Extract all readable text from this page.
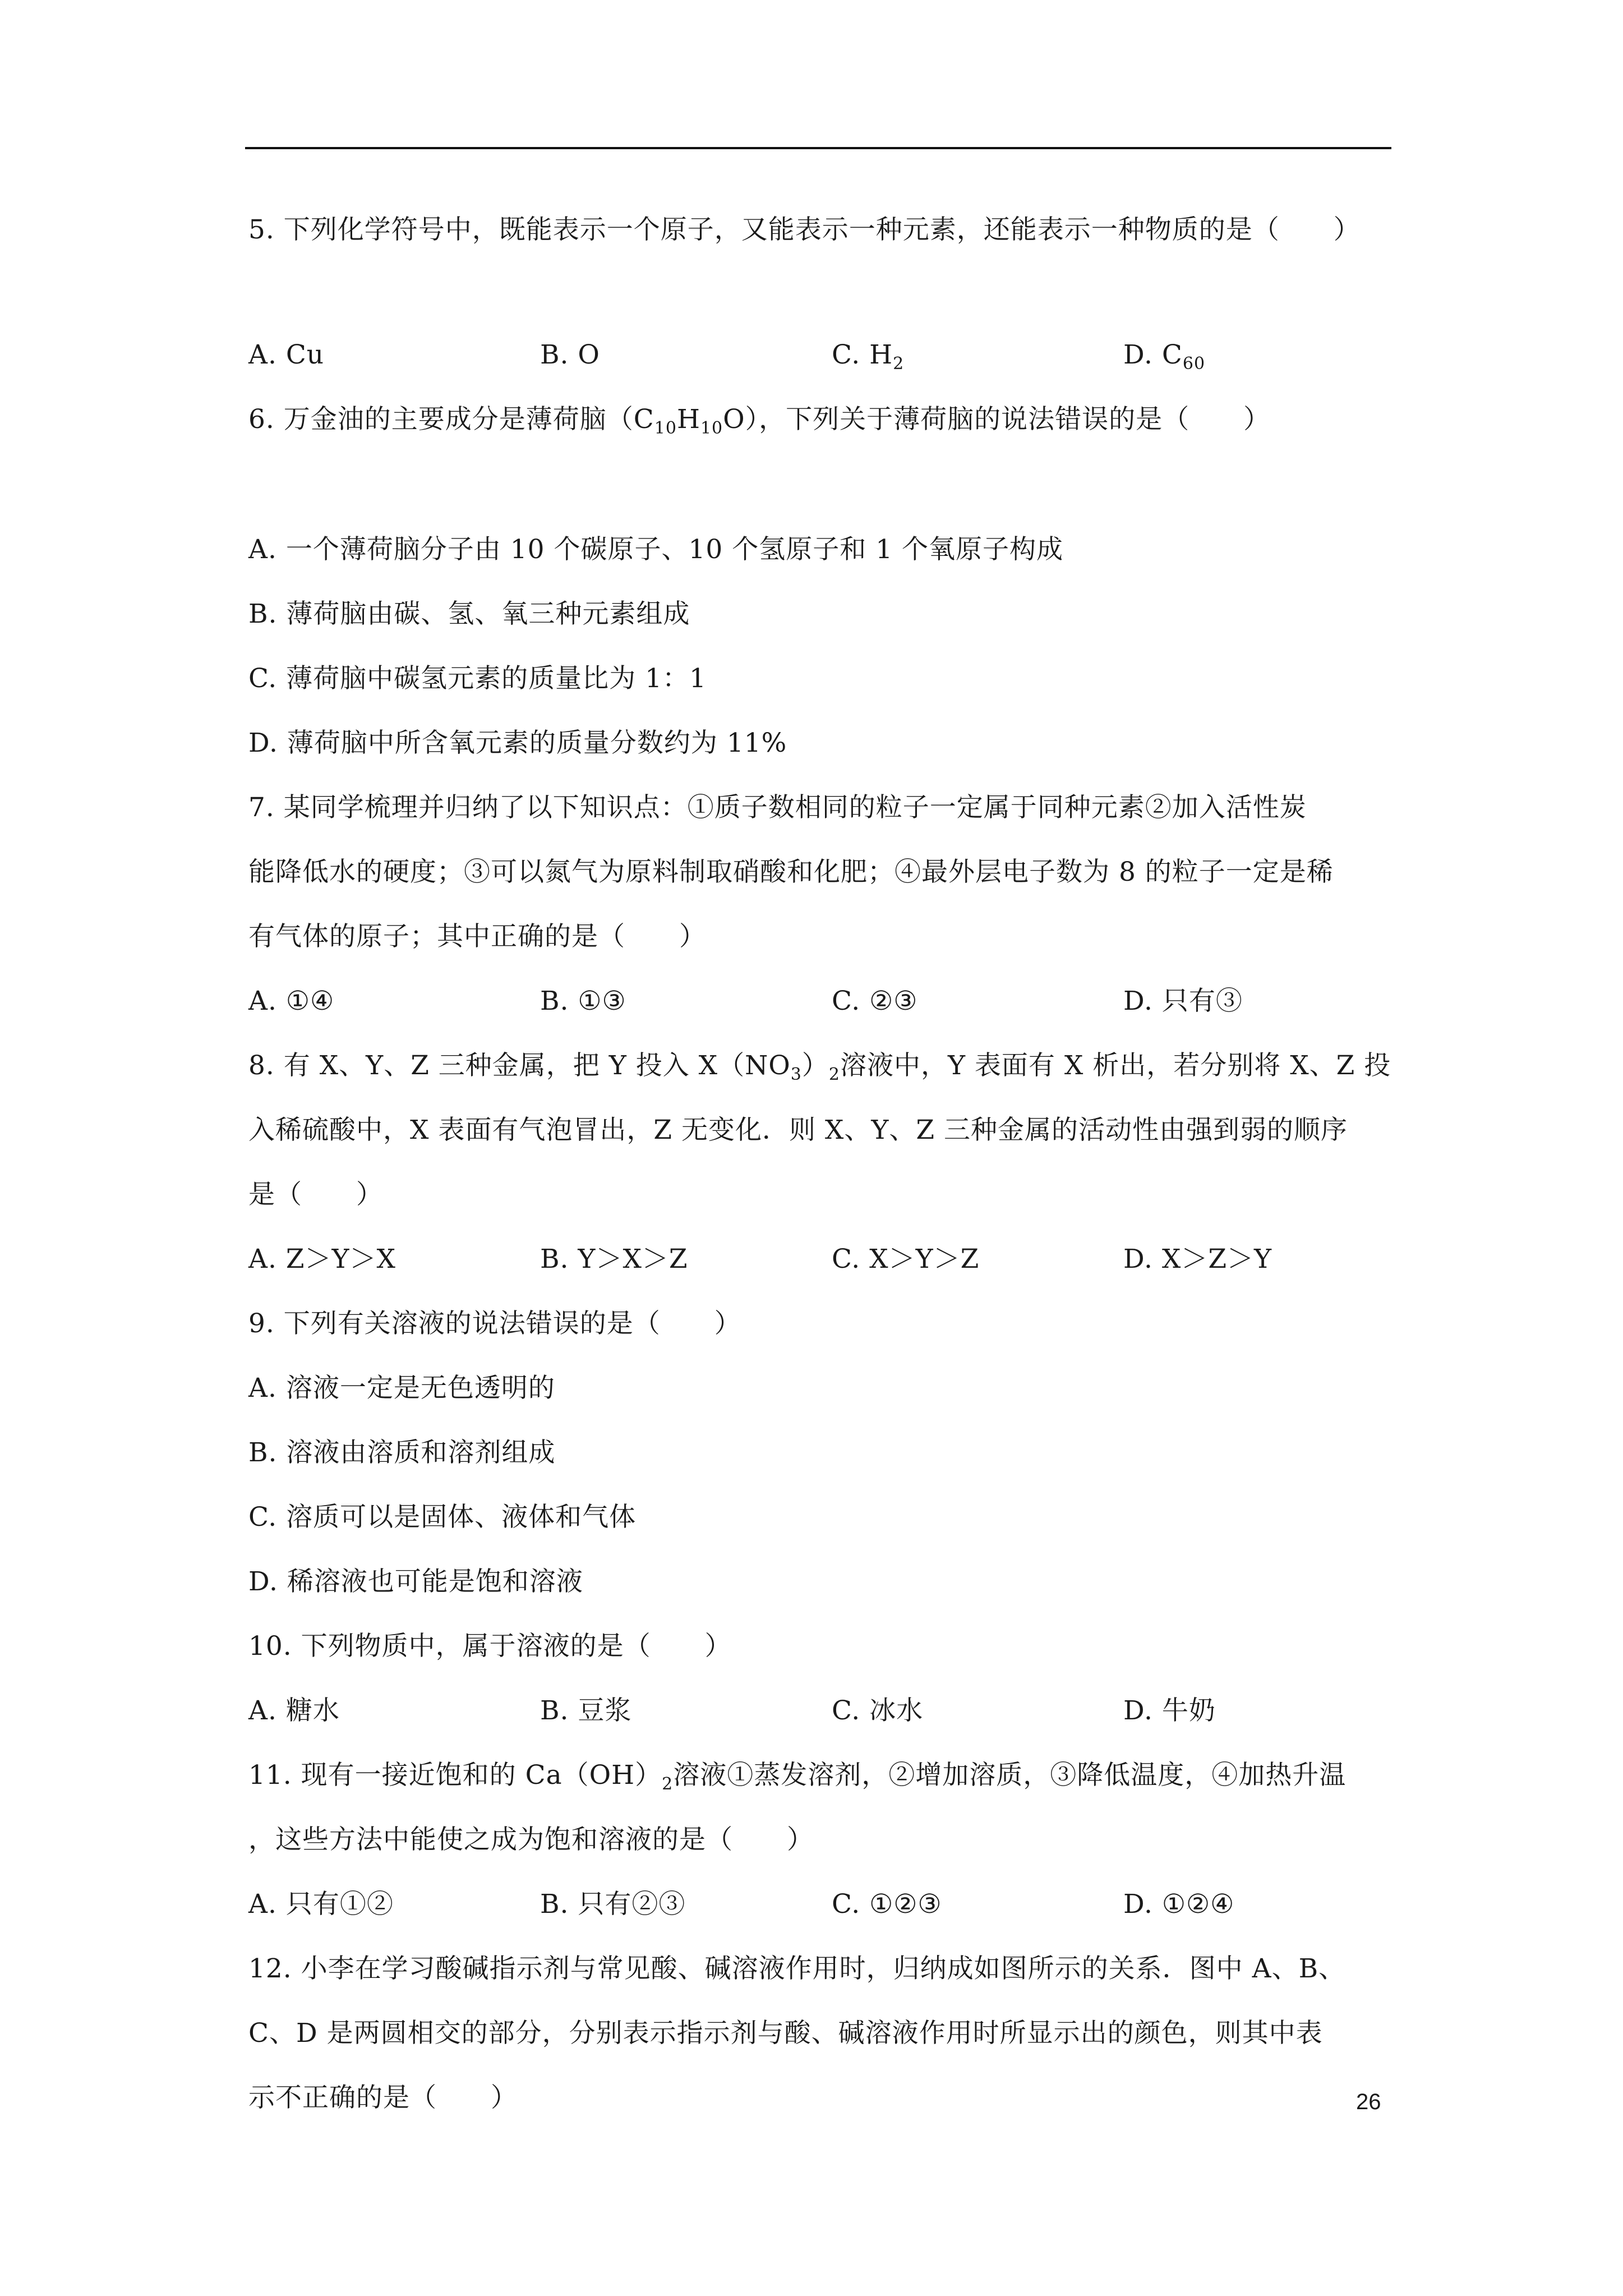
5. 下列化学符号中，既能表示一个原子，又能表示一种元素，还能表示一种物质的是（　　）
A. Cu	B. O	C. $H_2$	D. $C_{60}$
6. 万金油的主要成分是薄荷脑$(C_{10}H_{10}O)$，下列关于薄荷脑的说法错误的是（　　）
A. 一个薄荷脑分子由 10 个碳原子、10 个氢原子和 1 个氧原子构成
B. 薄荷脑由碳、氢、氧三种元素组成
C. 薄荷脑中碳氢元素的质量比为 1：1
D. 薄荷脑中所含氧元素的质量分数约为 11%
7. 某同学梳理并归纳了以下知识点：①质子数相同的粒子一定属于同种元素②加入活性炭
能降低水的硬度；③可以氮气为原料制取硝酸和化肥；④最外层电子数为 8 的粒子一定是稀
有气体的原子；其中正确的是（　　）
A. ①④	B. ①③	C. ②③	D. 只有③
8. 有 X、Y、Z 三种金属，把 Y 投入 $X(NO_3)_2$溶液中，Y 表面有 X 析出，若分别将 X、Z 投
入稀硫酸中，X 表面有气泡冒出，Z 无变化．则 X、Y、Z 三种金属的活动性由强到弱的顺序
是（　　）
A. Z＞Y＞X	B. Y＞X＞Z	C. X＞Y＞Z	D. X＞Z＞Y
9. 下列有关溶液的说法错误的是（　　）
A. 溶液一定是无色透明的
B. 溶液由溶质和溶剂组成
C. 溶质可以是固体、液体和气体
D. 稀溶液也可能是饱和溶液
10. 下列物质中，属于溶液的是（　　）
A. 糖水	B. 豆浆	C. 冰水	D. 牛奶
11. 现有一接近饱和的 $Ca(OH)_2$溶液①蒸发溶剂，②增加溶质，③降低温度，④加热升温
，这些方法中能使之成为饱和溶液的是（　　）
A. 只有①②	B. 只有②③	C. ①②③	D. ①②④
12. 小李在学习酸碱指示剂与常见酸、碱溶液作用时，归纳成如图所示的关系．图中 A、B、
C、D 是两圆相交的部分，分别表示指示剂与酸、碱溶液作用时所显示出的颜色，则其中表
示不正确的是（　　）	26
